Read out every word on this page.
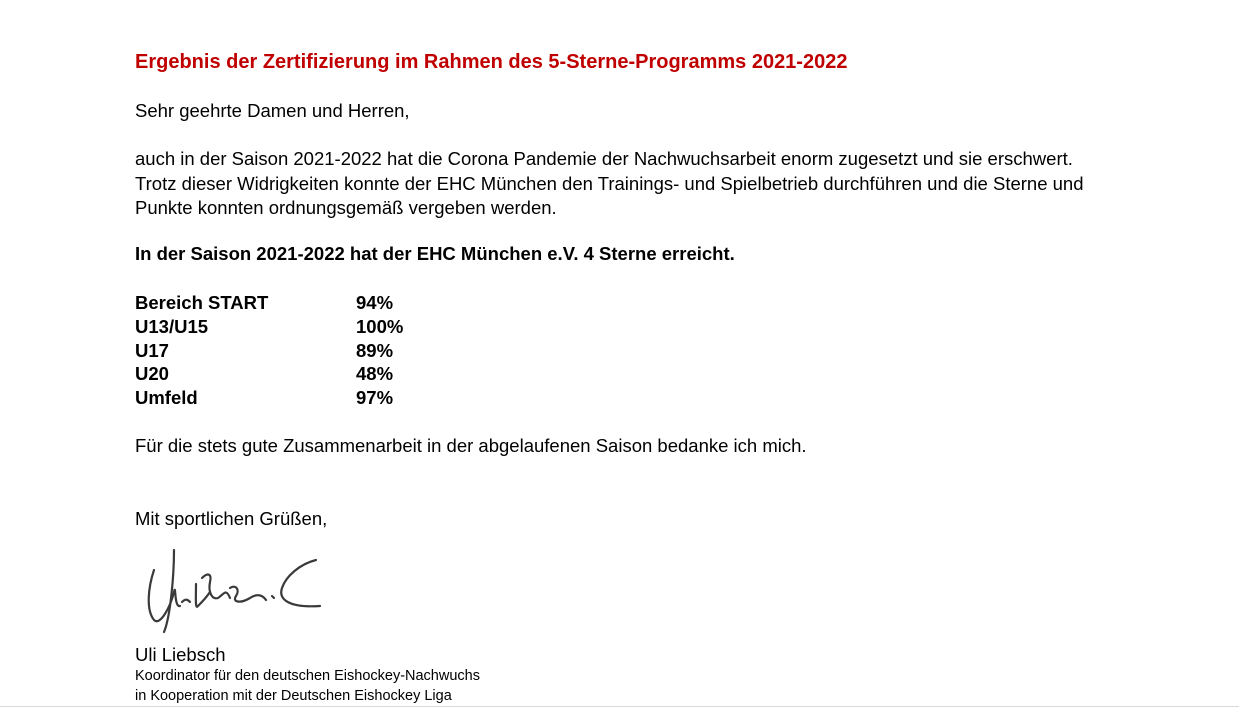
Ergebnis der Zertifizierung im Rahmen des 5-Sterne-Programms 2021-2022
Sehr geehrte Damen und Herren,
auch in der Saison 2021-2022 hat die Corona Pandemie der Nachwuchsarbeit enorm zugesetzt und sie erschwert.
Trotz dieser Widrigkeiten konnte der EHC München den Trainings- und Spielbetrieb durchführen und die Sterne und
Punkte konnten ordnungsgemäß vergeben werden.
In der Saison 2021-2022 hat der EHC München e.V. 4 Sterne erreicht.
Bereich START	94%
U13/U15	100%
U17	89%
U20	48%
Umfeld	97%
Für die stets gute Zusammenarbeit in der abgelaufenen Saison bedanke ich mich.
Mit sportlichen Grüßen,
Uli Liebsch
Koordinator für den deutschen Eishockey-Nachwuchs
in Kooperation mit der Deutschen Eishockey Liga
